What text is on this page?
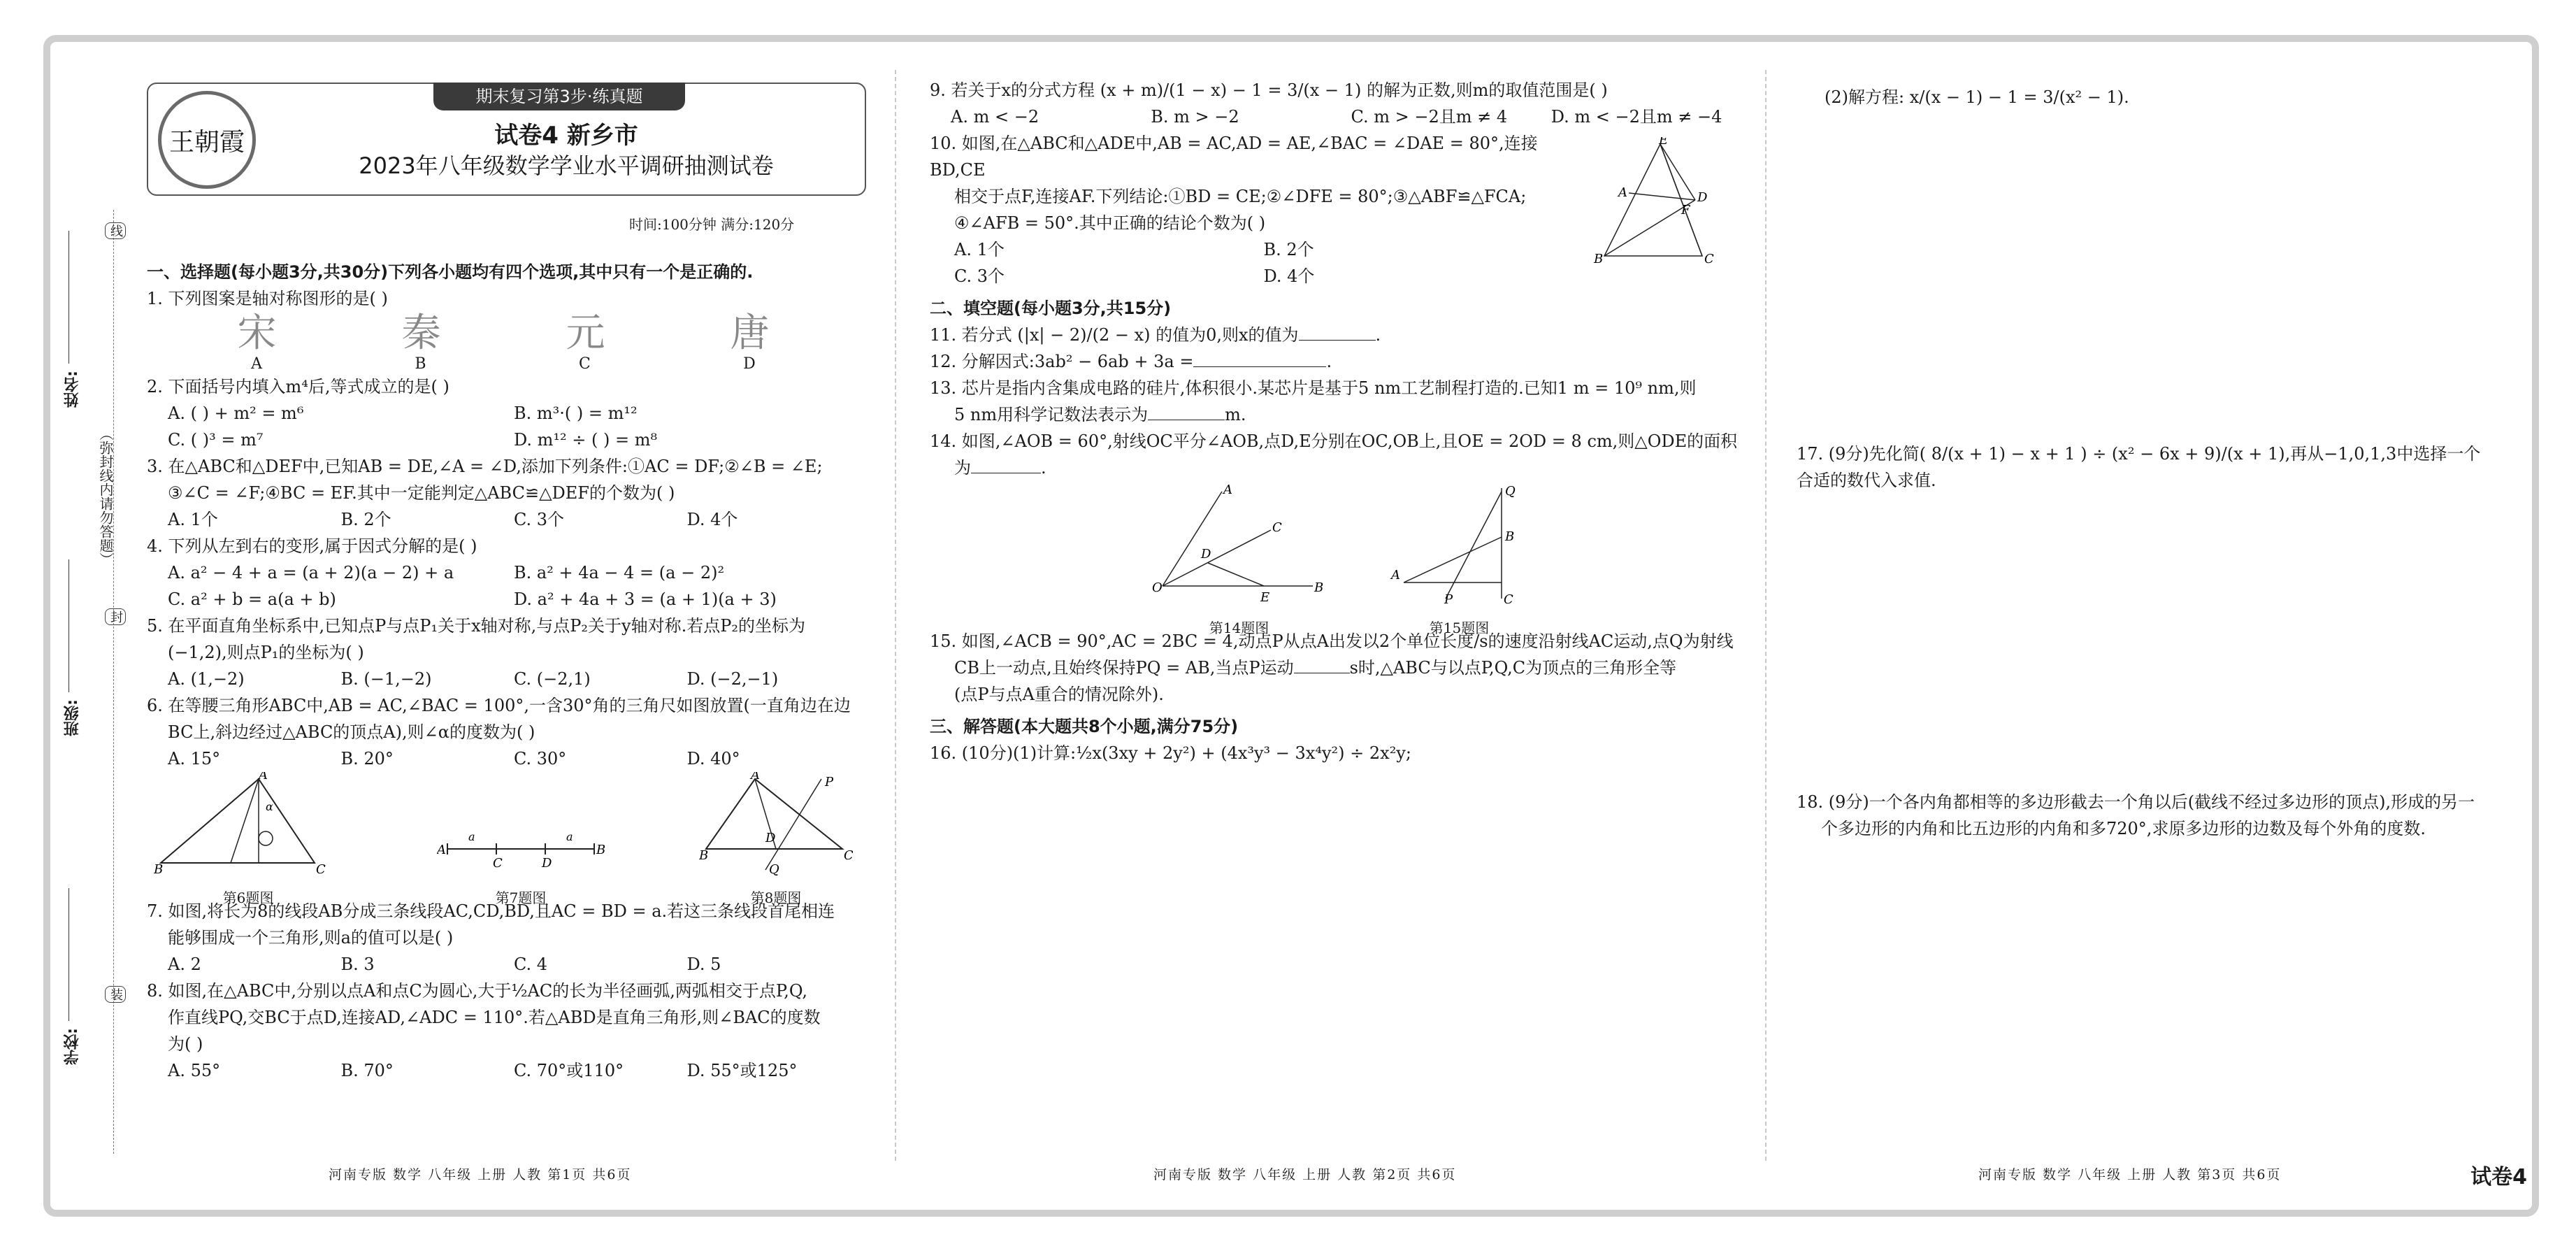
姓名:
班级:
学校:
（弥封线内请勿答题）
线
封
装
期末复习第3步·练真题
王朝霞	试卷4 新乡市
2023年八年级数学学业水平调研抽测试卷
时间:100分钟 满分:120分

一、选择题(每小题3分,共30分)下列各小题均有四个选项,其中只有一个是正确的.

1. 下列图案是轴对称图形的是( )

宋	秦	元	唐
A	B	C	D

2. 下面括号内填入m⁴后,等式成立的是( )

A. ( ) + m² = m⁶	B. m³·( ) = m¹²
C. ( )³ = m⁷	D. m¹² ÷ ( ) = m⁸

3. 在△ABC和△DEF中,已知AB = DE,∠A = ∠D,添加下列条件:①AC = DF;②∠B = ∠E;

③∠C = ∠F;④BC = EF.其中一定能判定△ABC≌△DEF的个数为( )

A. 1个	B. 2个	C. 3个	D. 4个

4. 下列从左到右的变形,属于因式分解的是( )

A. a² − 4 + a = (a + 2)(a − 2) + a	B. a² + 4a − 4 = (a − 2)²
C. a² + b = a(a + b)	D. a² + 4a + 3 = (a + 1)(a + 3)

5. 在平面直角坐标系中,已知点P与点P₁关于x轴对称,与点P₂关于y轴对称.若点P₂的坐标为

(−1,2),则点P₁的坐标为( )

A. (1,−2)	B. (−1,−2)	C. (−2,1)	D. (−2,−1)

6. 在等腰三角形ABC中,AB = AC,∠BAC = 100°,一含30°角的三角尺如图放置(一直角边在边

BC上,斜边经过△ABC的顶点A),则∠α的度数为( )

A. 15°	B. 20°	C. 30°	D. 40°
B
A
C
α
第6题图
A
C	D
B
a	a
第7题图
B
A
C
P
D
Q
第8题图

7. 如图,将长为8的线段AB分成三条线段AC,CD,BD,且AC = BD = a.若这三条线段首尾相连

能够围成一个三角形,则a的值可以是( )

A. 2	B. 3	C. 4	D. 5

8. 如图,在△ABC中,分别以点A和点C为圆心,大于½AC的长为半径画弧,两弧相交于点P,Q,

作直线PQ,交BC于点D,连接AD,∠ADC = 110°.若△ABD是直角三角形,则∠BAC的度数

为( )

A. 55°	B. 70°	C. 70°或110°	D. 55°或125°

9. 若关于x的分式方程 (x + m)/(1 − x) − 1 = 3/(x − 1) 的解为正数,则m的取值范围是( )

A. m < −2	B. m > −2	C. m > −2且m ≠ 4	D. m < −2且m ≠ −4

10. 如图,在△ABC和△ADE中,AB = AC,AD = AE,∠BAC = ∠DAE = 80°,连接BD,CE

相交于点F,连接AF.下列结论:①BD = CE;②∠DFE = 80°;③△ABF≌△FCA;

④∠AFB = 50°.其中正确的结论个数为( )

A. 1个	B. 2个
C. 3个	D. 4个
E
A	D
F
B	C

二、填空题(每小题3分,共15分)

11. 若分式 (|x| − 2)/(2 − x) 的值为0,则x的值为	.

12. 分解因式:3ab² − 6ab + 3a =	.

13. 芯片是指内含集成电路的硅片,体积很小.某芯片是基于5 nm工艺制程打造的.已知1 m = 10⁹ nm,则

5 nm用科学记数法表示为	m.

14. 如图,∠AOB = 60°,射线OC平分∠AOB,点D,E分别在OC,OB上,且OE = 2OD = 8 cm,则△ODE的面积

为	.

O
A
C
D
E
B
第14题图
A
P	C
B
Q
第15题图

15. 如图,∠ACB = 90°,AC = 2BC = 4,动点P从点A出发以2个单位长度/s的速度沿射线AC运动,点Q为射线

CB上一动点,且始终保持PQ = AB,当点P运动	s时,△ABC与以点P,Q,C为顶点的三角形全等

(点P与点A重合的情况除外).

三、解答题(本大题共8个小题,满分75分)

16. (10分)(1)计算:½x(3xy + 2y²) + (4x³y³ − 3x⁴y²) ÷ 2x²y;

(2)解方程: x/(x − 1) − 1 = 3/(x² − 1).

17. (9分)先化简( 8/(x + 1) − x + 1 ) ÷ (x² − 6x + 9)/(x + 1),再从−1,0,1,3中选择一个合适的数代入求值.

18. (9分)一个各内角都相等的多边形截去一个角以后(截线不经过多边形的顶点),形成的另一

个多边形的内角和比五边形的内角和多720°,求原多边形的边数及每个外角的度数.

河南专版 数学 八年级 上册 人教 第1页 共6页	河南专版 数学 八年级 上册 人教 第2页 共6页	河南专版 数学 八年级 上册 人教 第3页 共6页	试卷4
